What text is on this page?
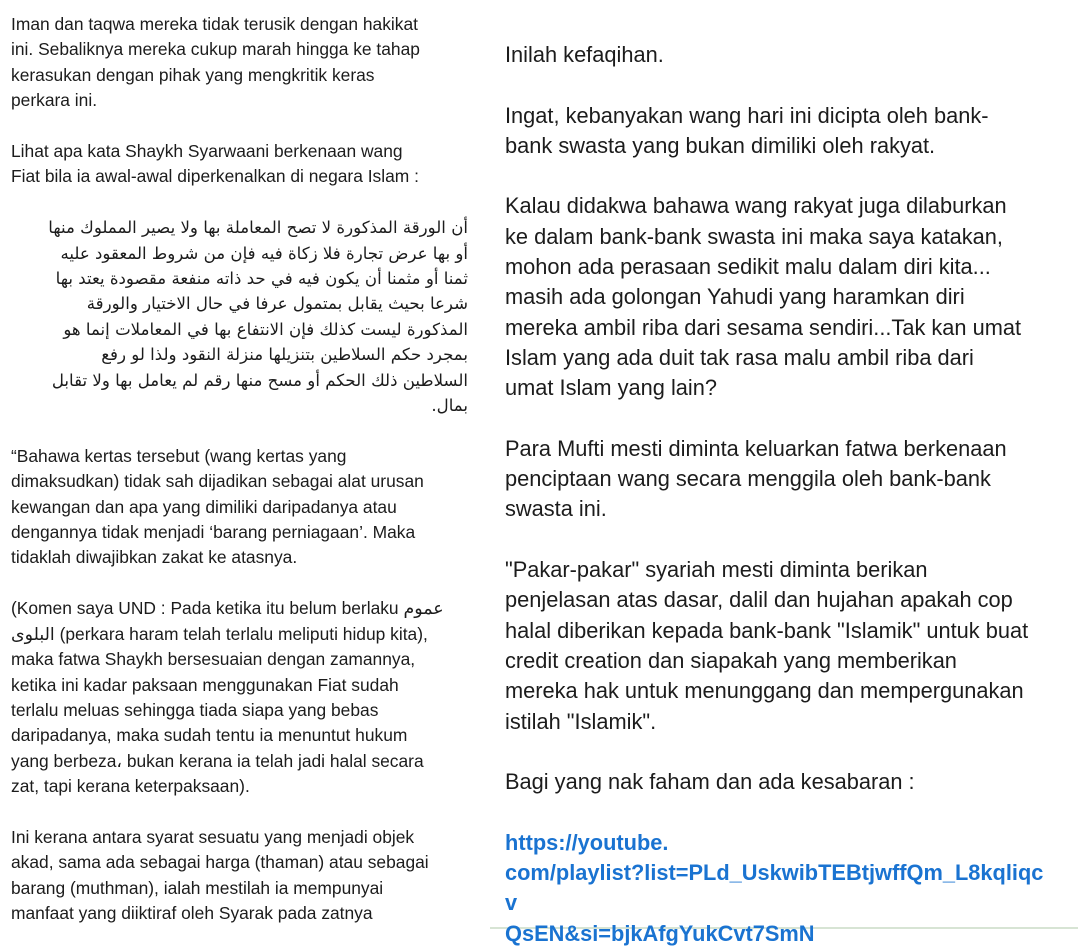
Iman dan taqwa mereka tidak terusik dengan hakikat
ini. Sebaliknya mereka cukup marah hingga ke tahap
kerasukan dengan pihak yang mengkritik keras
perkara ini.

Lihat apa kata Shaykh Syarwaani berkenaan wang
Fiat bila ia awal-awal diperkenalkan di negara Islam :

أن الورقة المذكورة لا تصح المعاملة بها ولا يصير المملوك منها
أو بها عرض تجارة فلا زكاة فيه فإن من شروط المعقود عليه
ثمنا أو مثمنا أن يكون فيه في حد ذاته منفعة مقصودة يعتد بها
شرعا بحيث يقابل بمتمول عرفا في حال الاختيار والورقة
المذكورة ليست كذلك فإن الانتفاع بها في المعاملات إنما هو
بمجرد حكم السلاطين بتنزيلها منزلة النقود ولذا لو رفع
السلاطين ذلك الحكم أو مسح منها رقم لم يعامل بها ولا تقابل
بمال.

“Bahawa kertas tersebut (wang kertas yang
dimaksudkan) tidak sah dijadikan sebagai alat urusan
kewangan dan apa yang dimiliki daripadanya atau
dengannya tidak menjadi ‘barang perniagaan’. Maka
tidaklah diwajibkan zakat ke atasnya.

(Komen saya UND : Pada ketika itu belum berlaku عموم
البلوى (perkara haram telah terlalu meliputi hidup kita),
maka fatwa Shaykh bersesuaian dengan zamannya,
ketika ini kadar paksaan menggunakan Fiat sudah
terlalu meluas sehingga tiada siapa yang bebas
daripadanya, maka sudah tentu ia menuntut hukum
yang berbeza، bukan kerana ia telah jadi halal secara
zat, tapi kerana keterpaksaan).

Ini kerana antara syarat sesuatu yang menjadi objek
akad, sama ada sebagai harga (thaman) atau sebagai
barang (muthman), ialah mestilah ia mempunyai
manfaat yang diiktiraf oleh Syarak pada zatnya

Inilah kefaqihan.

Ingat, kebanyakan wang hari ini dicipta oleh bank-
bank swasta yang bukan dimiliki oleh rakyat.

Kalau didakwa bahawa wang rakyat juga dilaburkan
ke dalam bank-bank swasta ini maka saya katakan,
mohon ada perasaan sedikit malu dalam diri kita...
masih ada golongan Yahudi yang haramkan diri
mereka ambil riba dari sesama sendiri...Tak kan umat
Islam yang ada duit tak rasa malu ambil riba dari
umat Islam yang lain?

Para Mufti mesti diminta keluarkan fatwa berkenaan
penciptaan wang secara menggila oleh bank-bank
swasta ini.

"Pakar-pakar" syariah mesti diminta berikan
penjelasan atas dasar, dalil dan hujahan apakah cop
halal diberikan kepada bank-bank "Islamik" untuk buat
credit creation dan siapakah yang memberikan
mereka hak untuk menunggang dan mempergunakan
istilah "Islamik".

Bagi yang nak faham dan ada kesabaran :

https://youtube.
com/playlist?list=PLd_UskwibTEBtjwffQm_L8kqliqcv
QsEN&si=bjkAfgYukCvt7SmN
